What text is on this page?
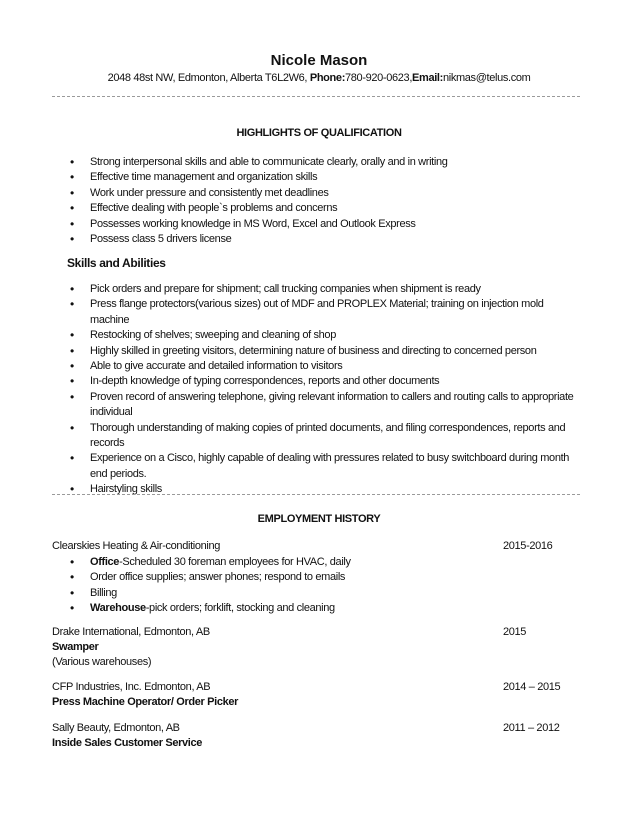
Nicole Mason
2048 48st NW, Edmonton, Alberta T6L2W6, Phone:780-920-0623,Email:nikmas@telus.com
HIGHLIGHTS OF QUALIFICATION
• Strong interpersonal skills and able to communicate clearly, orally and in writing
• Effective time management and organization skills
• Work under pressure and consistently met deadlines
• Effective dealing with people`s problems and concerns
• Possesses working knowledge in MS Word, Excel and Outlook Express
• Possess class 5 drivers license
Skills and Abilities
• Pick orders and prepare for shipment; call trucking companies when shipment is ready
• Press flange protectors(various sizes) out of MDF and PROPLEX Material; training on injection mold machine
• Restocking of shelves; sweeping and cleaning of shop
• Highly skilled in greeting visitors, determining nature of business and directing to concerned person
• Able to give accurate and detailed information to visitors
• In-depth knowledge of typing correspondences, reports and other documents
• Proven record of answering telephone, giving relevant information to callers and routing calls to appropriate individual
• Thorough understanding of making copies of printed documents, and filing correspondences, reports and records
• Experience on a Cisco, highly capable of dealing with pressures related to busy switchboard during month end periods.
• Hairstyling skills
EMPLOYMENT HISTORY
Clearskies Heating & Air-conditioning	2015-2016
• Office-Scheduled 30 foreman employees for HVAC, daily
• Order office supplies; answer phones; respond to emails
• Billing
• Warehouse-pick orders; forklift, stocking and cleaning
Drake International, Edmonton, AB	2015
Swamper
(Various warehouses)
CFP Industries, Inc. Edmonton, AB	2014 – 2015
Press Machine Operator/ Order Picker
Sally Beauty, Edmonton, AB	2011 – 2012
Inside Sales Customer Service
